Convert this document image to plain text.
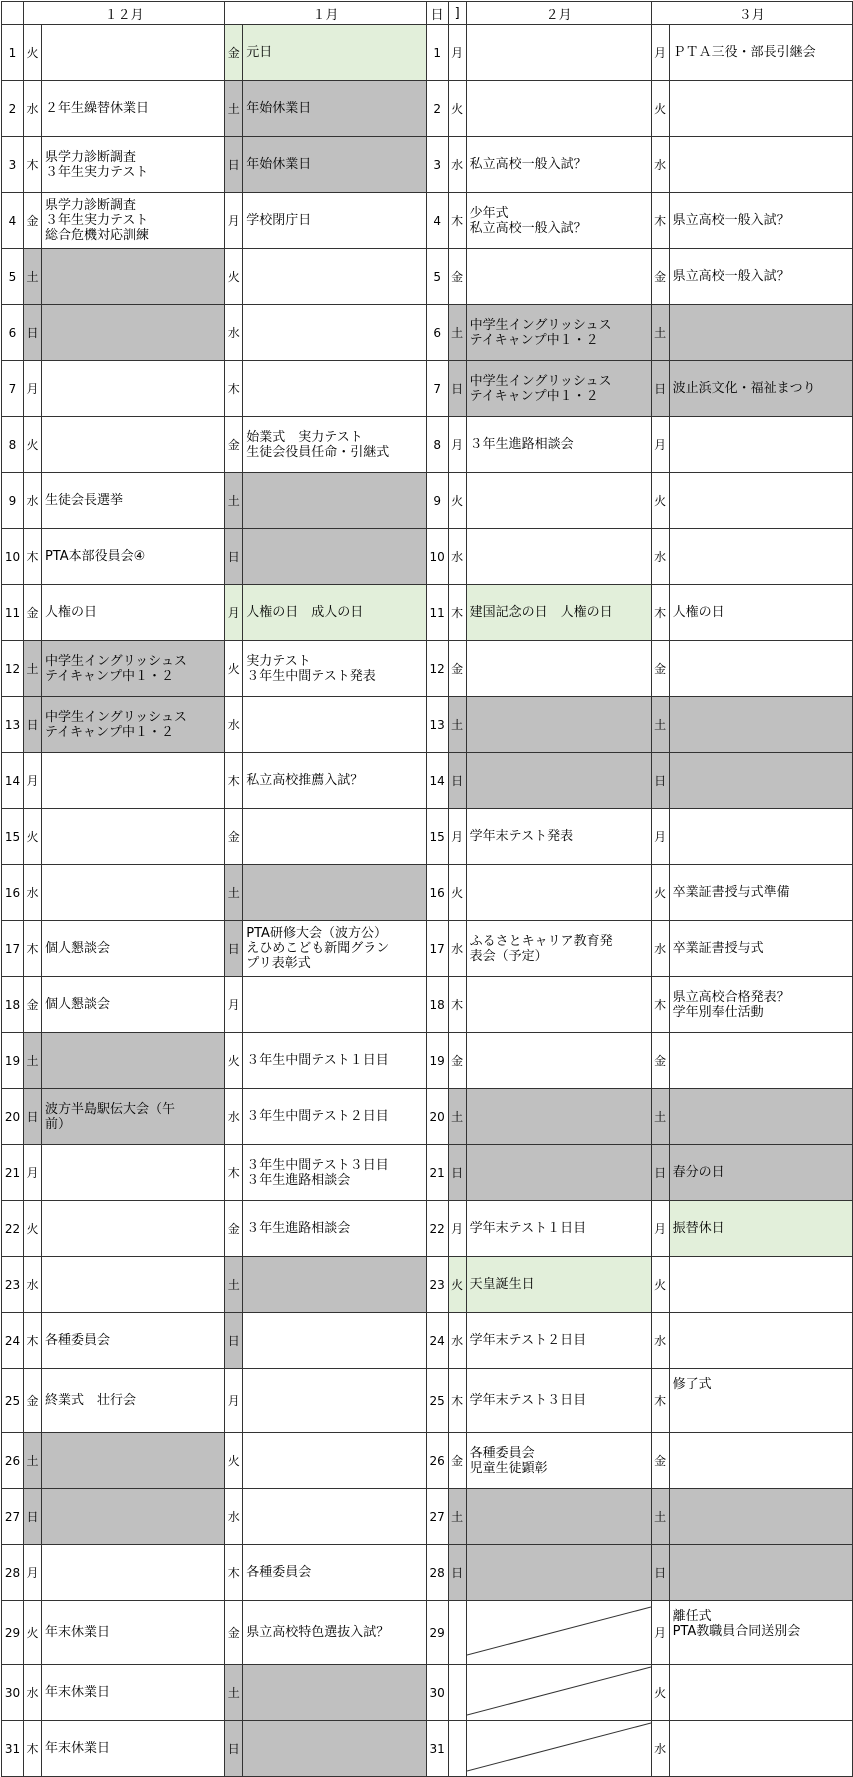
	１２月		１月		日	]	２月	３月	
1	火		金	元日	1	月		月	ＰＴＡ三役・部長引継会
2	水	２年生繰替休業日	土	年始休業日	2	火		火	
3	木	県学力診断調査
３年生実力テスト	日	年始休業日	3	水	私立高校一般入試？	水	
4	金	県学力診断調査
３年生実力テスト
総合危機対応訓練	月	学校閉庁日	4	木	少年式
私立高校一般入試？	木	県立高校一般入試？
5	土		火		5	金		金	県立高校一般入試？
6	日		水		6	土	中学生イングリッシュス
テイキャンプ中１・２	土	
7	月		木		7	日	中学生イングリッシュス
テイキャンプ中１・２	日	波止浜文化・福祉まつり
8	火		金	始業式　実力テスト
生徒会役員任命・引継式	8	月	３年生進路相談会	月	
9	水	生徒会長選挙	土		9	火		火	
10	木	PTA本部役員会④	日		10	水		水	
11	金	人権の日	月	人権の日　成人の日	11	木	建国記念の日　人権の日	木	人権の日
12	土	中学生イングリッシュス
テイキャンプ中１・２	火	実力テスト
３年生中間テスト発表	12	金		金	
13	日	中学生イングリッシュス
テイキャンプ中１・２	水		13	土		土	
14	月		木	私立高校推薦入試？	14	日		日	
15	火		金		15	月	学年末テスト発表	月	
16	水		土		16	火		火	卒業証書授与式準備
17	木	個人懇談会	日	PTA研修大会（波方公）
えひめこども新聞グラン
プリ表彰式	17	水	ふるさとキャリア教育発
表会（予定）	水	卒業証書授与式
18	金	個人懇談会	月		18	木		木	県立高校合格発表？
学年別奉仕活動
19	土		火	３年生中間テスト１日目	19	金		金	
20	日	波方半島駅伝大会（午
前）	水	３年生中間テスト２日目	20	土		土	
21	月		木	３年生中間テスト３日目
３年生進路相談会	21	日		日	春分の日
22	火		金	３年生進路相談会	22	月	学年末テスト１日目	月	振替休日
23	水		土		23	火	天皇誕生日	火	
24	木	各種委員会	日		24	水	学年末テスト２日目	水	
25	金	終業式　壮行会	月		25	木	学年末テスト３日目	木	修了式
26	土		火		26	金	各種委員会
児童生徒顕彰	金	
27	日		水		27	土		土	
28	月		木	各種委員会	28	日		日	
29	火	年末休業日	金	県立高校特色選抜入試？	29			月	離任式
PTA教職員合同送別会
30	水	年末休業日	土		30			火	
31	木	年末休業日	日		31			水	
